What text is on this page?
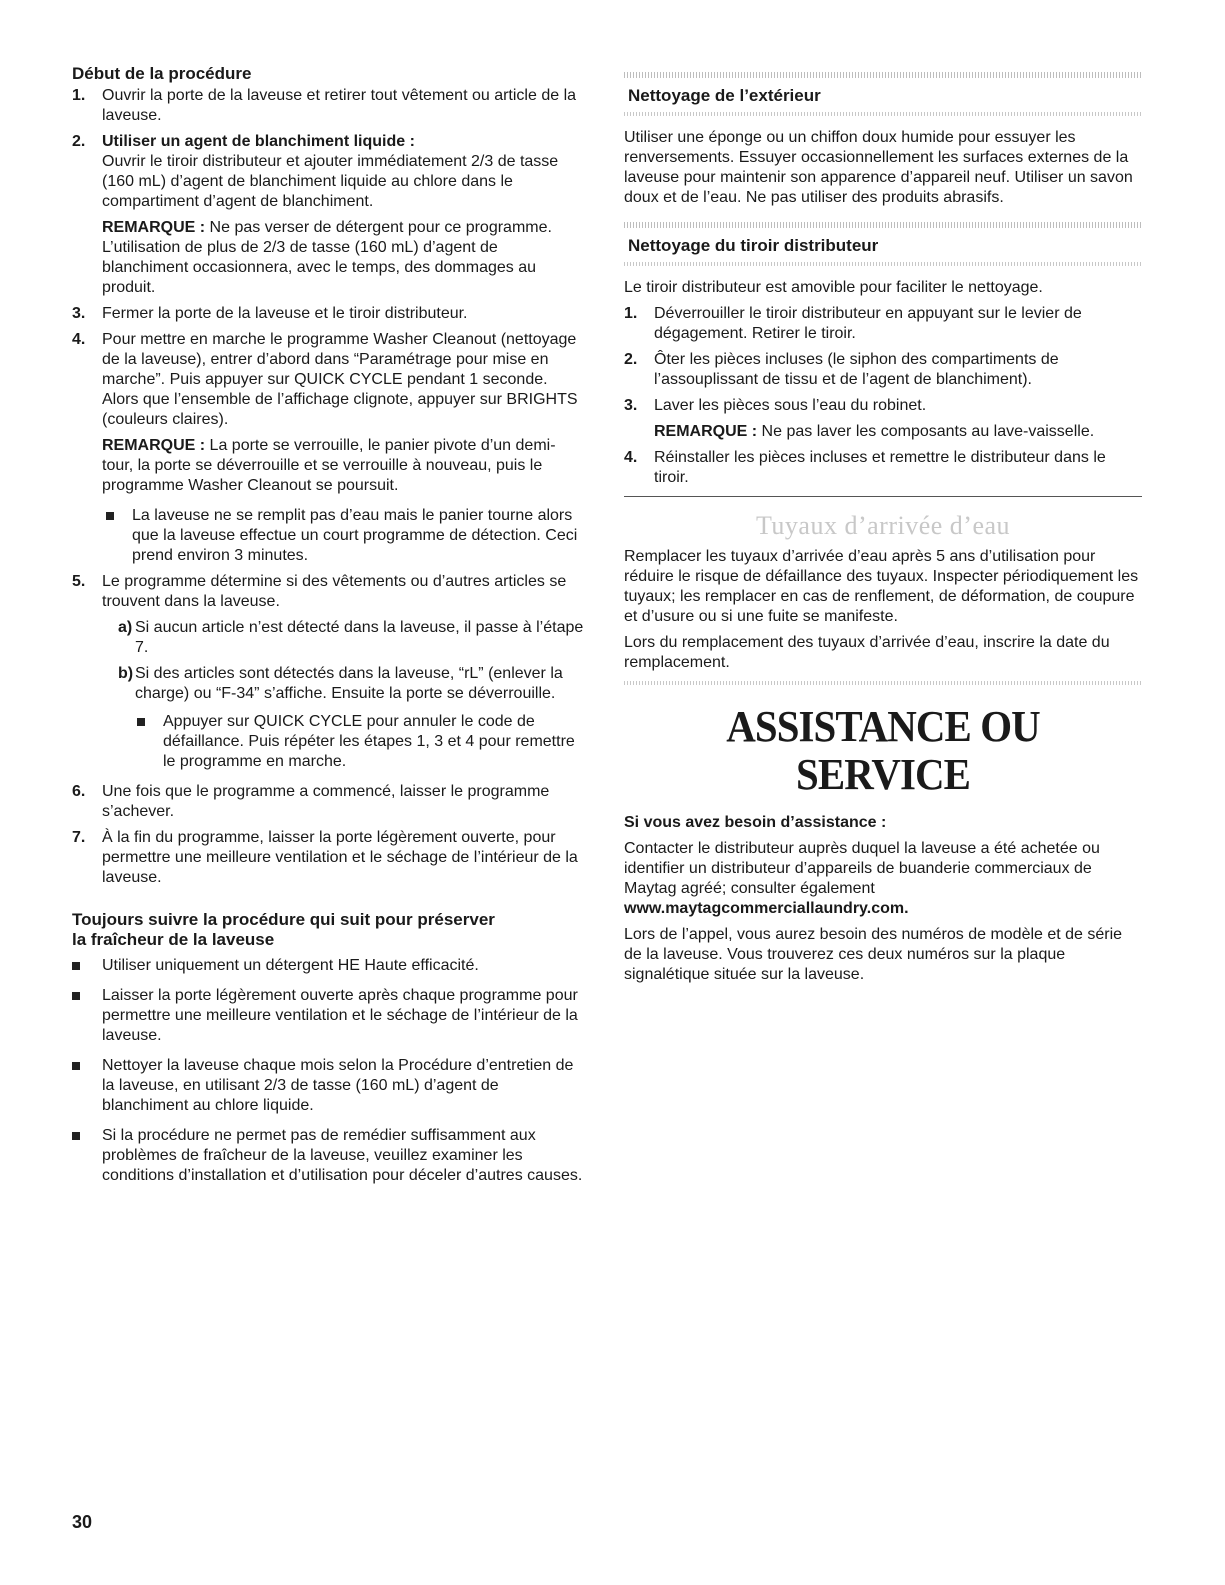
Début de la procédure
1. Ouvrir la porte de la laveuse et retirer tout vêtement ou article de la laveuse.
2. Utiliser un agent de blanchiment liquide :
Ouvrir le tiroir distributeur et ajouter immédiatement 2/3 de tasse (160 mL) d’agent de blanchiment liquide au chlore dans le compartiment d’agent de blanchiment.
REMARQUE : Ne pas verser de détergent pour ce programme. L’utilisation de plus de 2/3 de tasse (160 mL) d’agent de blanchiment occasionnera, avec le temps, des dommages au produit.
3. Fermer la porte de la laveuse et le tiroir distributeur.
4. Pour mettre en marche le programme Washer Cleanout (nettoyage de la laveuse), entrer d’abord dans “Paramétrage pour mise en marche”. Puis appuyer sur QUICK CYCLE pendant 1 seconde. Alors que l’ensemble de l’affichage clignote, appuyer sur BRIGHTS (couleurs claires).
REMARQUE : La porte se verrouille, le panier pivote d’un demi-tour, la porte se déverrouille et se verrouille à nouveau, puis le programme Washer Cleanout se poursuit.
La laveuse ne se remplit pas d’eau mais le panier tourne alors que la laveuse effectue un court programme de détection. Ceci prend environ 3 minutes.
5. Le programme détermine si des vêtements ou d’autres articles se trouvent dans la laveuse.
a) Si aucun article n’est détecté dans la laveuse, il passe à l’étape 7.
b) Si des articles sont détectés dans la laveuse, “rL” (enlever la charge) ou “F-34” s’affiche. Ensuite la porte se déverrouille.
Appuyer sur QUICK CYCLE pour annuler le code de défaillance. Puis répéter les étapes 1, 3 et 4 pour remettre le programme en marche.
6. Une fois que le programme a commencé, laisser le programme s’achever.
7. À la fin du programme, laisser la porte légèrement ouverte, pour permettre une meilleure ventilation et le séchage de l’intérieur de la laveuse.
Toujours suivre la procédure qui suit pour préserver
la fraîcheur de la laveuse
Utiliser uniquement un détergent HE Haute efficacité.
Laisser la porte légèrement ouverte après chaque programme pour permettre une meilleure ventilation et le séchage de l’intérieur de la laveuse.
Nettoyer la laveuse chaque mois selon la Procédure d’entretien de la laveuse, en utilisant 2/3 de tasse (160 mL) d’agent de blanchiment au chlore liquide.
Si la procédure ne permet pas de remédier suffisamment aux problèmes de fraîcheur de la laveuse, veuillez examiner les conditions d’installation et d’utilisation pour déceler d’autres causes.
Nettoyage de l’extérieur

Utiliser une éponge ou un chiffon doux humide pour essuyer les renversements. Essuyer occasionnellement les surfaces externes de la laveuse pour maintenir son apparence d’appareil neuf. Utiliser un savon doux et de l’eau. Ne pas utiliser des produits abrasifs.

Nettoyage du tiroir distributeur

Le tiroir distributeur est amovible pour faciliter le nettoyage.

1. Déverrouiller le tiroir distributeur en appuyant sur le levier de dégagement. Retirer le tiroir.
2. Ôter les pièces incluses (le siphon des compartiments de l’assouplissant de tissu et de l’agent de blanchiment).
3. Laver les pièces sous l’eau du robinet.
REMARQUE : Ne pas laver les composants au lave-vaisselle.
4. Réinstaller les pièces incluses et remettre le distributeur dans le tiroir.
Tuyaux d’arrivée d’eau

Remplacer les tuyaux d’arrivée d’eau après 5 ans d’utilisation pour réduire le risque de défaillance des tuyaux. Inspecter périodiquement les tuyaux; les remplacer en cas de renflement, de déformation, de coupure et d’usure ou si une fuite se manifeste.

Lors du remplacement des tuyaux d’arrivée d’eau, inscrire la date du remplacement.

ASSISTANCE OU SERVICE
Si vous avez besoin d’assistance :

Contacter le distributeur auprès duquel la laveuse a été achetée ou identifier un distributeur d’appareils de buanderie commerciaux de Maytag agréé; consulter également
www.maytagcommerciallaundry.com.

Lors de l’appel, vous aurez besoin des numéros de modèle et de série de la laveuse. Vous trouverez ces deux numéros sur la plaque signalétique située sur la laveuse.

30
